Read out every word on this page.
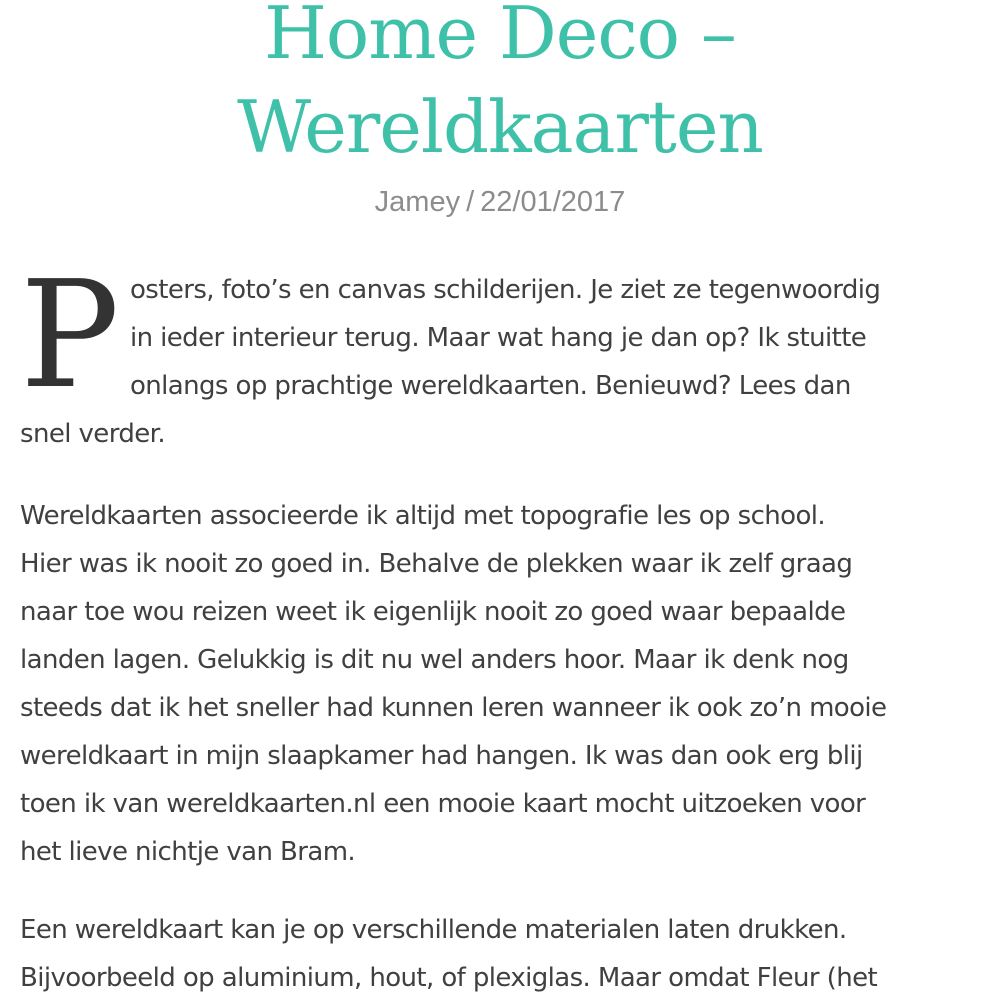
Home Deco –
Wereldkaarten
Jamey / 22/01/2017
P osters, foto’s en canvas schilderijen. Je ziet ze tegenwoordig
in ieder interieur terug. Maar wat hang je dan op? Ik stuitte
onlangs op prachtige wereldkaarten. Benieuwd? Lees dan
snel verder.
Wereldkaarten associeerde ik altijd met topografie les op school.
Hier was ik nooit zo goed in. Behalve de plekken waar ik zelf graag
naar toe wou reizen weet ik eigenlijk nooit zo goed waar bepaalde
landen lagen. Gelukkig is dit nu wel anders hoor. Maar ik denk nog
steeds dat ik het sneller had kunnen leren wanneer ik ook zo’n mooie
wereldkaart in mijn slaapkamer had hangen. Ik was dan ook erg blij
toen ik van wereldkaarten.nl een mooie kaart mocht uitzoeken voor
het lieve nichtje van Bram.
Een wereldkaart kan je op verschillende materialen laten drukken.
Bijvoorbeeld op aluminium, hout, of plexiglas. Maar omdat Fleur (het
